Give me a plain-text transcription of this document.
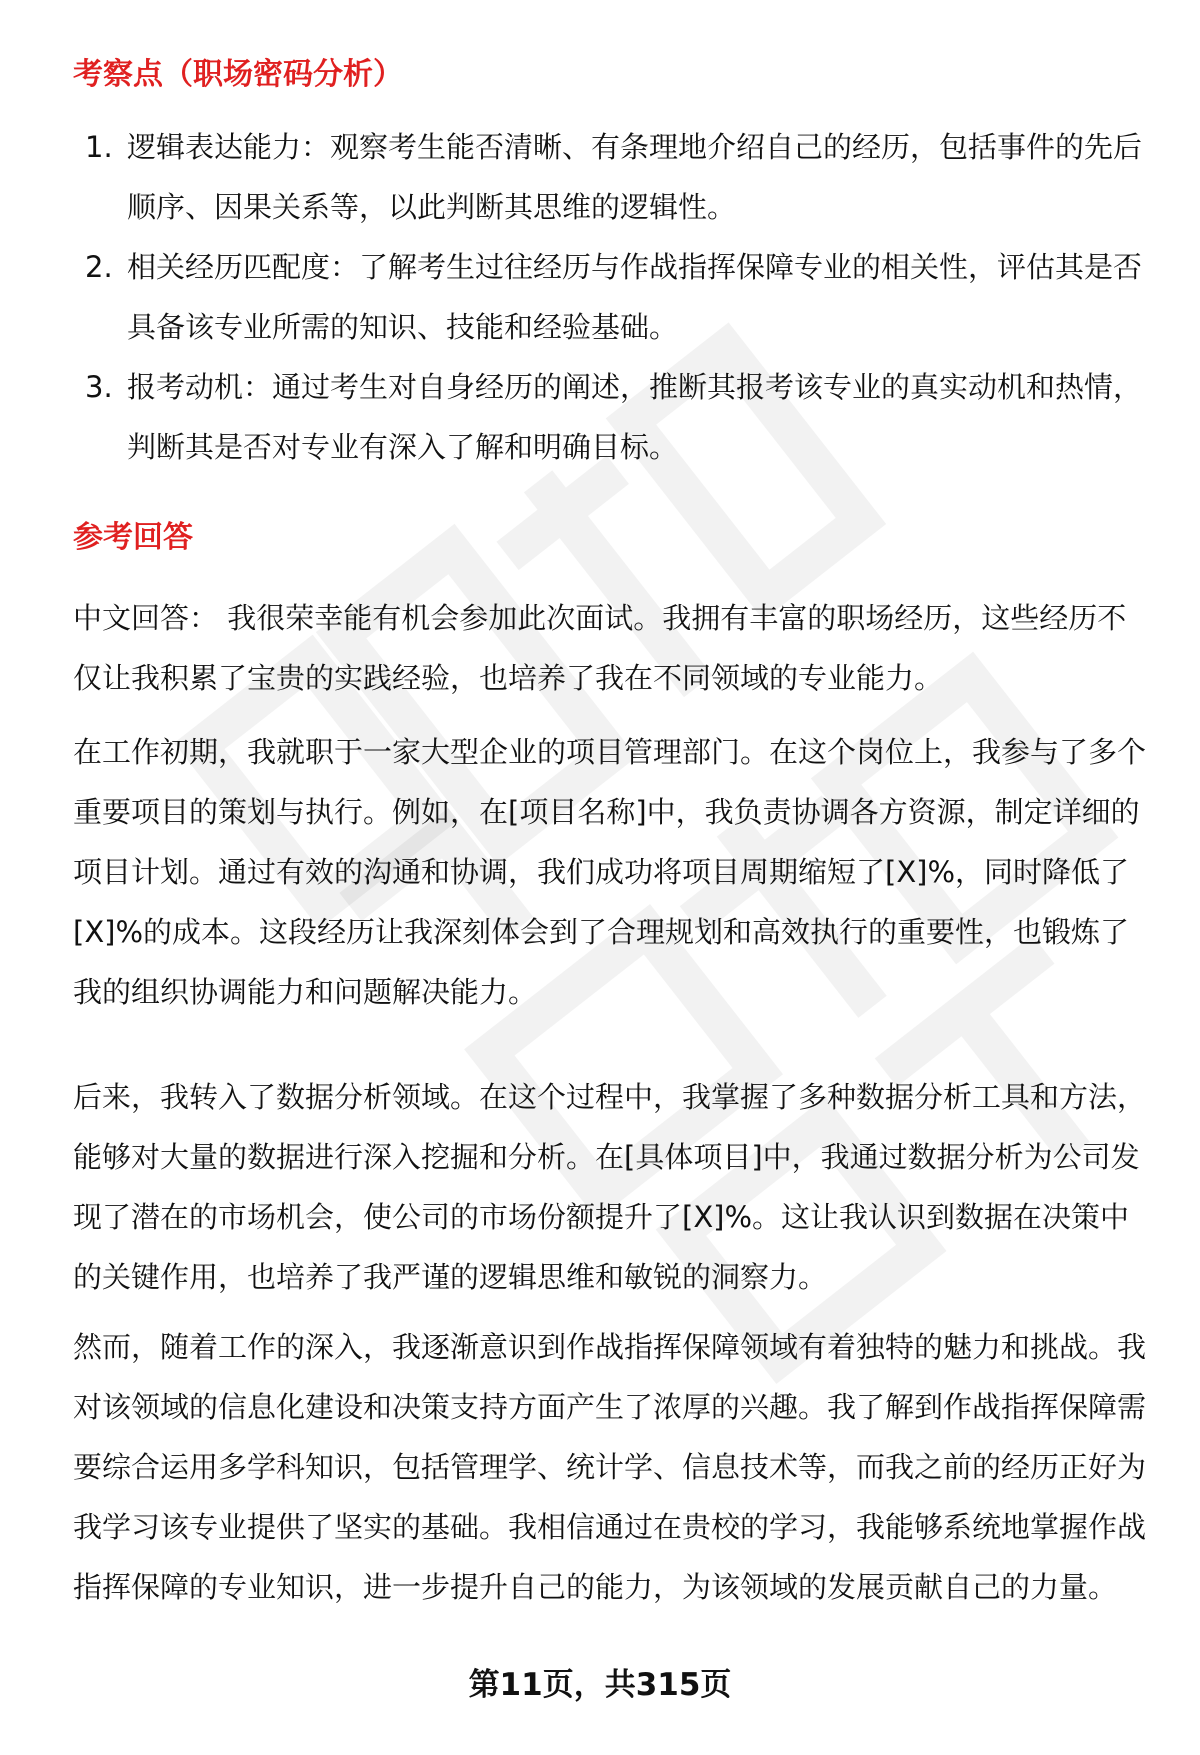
考察点（职场密码分析）
1. 逻辑表达能力：观察考生能否清晰、有条理地介绍自己的经历，包括事件的先后顺序、因果关系等，以此判断其思维的逻辑性。
2. 相关经历匹配度：了解考生过往经历与作战指挥保障专业的相关性，评估其是否具备该专业所需的知识、技能和经验基础。
3. 报考动机：通过考生对自身经历的阐述，推断其报考该专业的真实动机和热情，判断其是否对专业有深入了解和明确目标。
参考回答

中文回答： 我很荣幸能有机会参加此次面试。我拥有丰富的职场经历，这些经历不仅让我积累了宝贵的实践经验，也培养了我在不同领域的专业能力。

在工作初期，我就职于一家大型企业的项目管理部门。在这个岗位上，我参与了多个重要项目的策划与执行。例如，在[项目名称]中，我负责协调各方资源，制定详细的项目计划。通过有效的沟通和协调，我们成功将项目周期缩短了[X]%，同时降低了[X]%的成本。这段经历让我深刻体会到了合理规划和高效执行的重要性，也锻炼了我的组织协调能力和问题解决能力。

后来，我转入了数据分析领域。在这个过程中，我掌握了多种数据分析工具和方法，能够对大量的数据进行深入挖掘和分析。在[具体项目]中，我通过数据分析为公司发现了潜在的市场机会，使公司的市场份额提升了[X]%。这让我认识到数据在决策中的关键作用，也培养了我严谨的逻辑思维和敏锐的洞察力。

然而，随着工作的深入，我逐渐意识到作战指挥保障领域有着独特的魅力和挑战。我对该领域的信息化建设和决策支持方面产生了浓厚的兴趣。我了解到作战指挥保障需要综合运用多学科知识，包括管理学、统计学、信息技术等，而我之前的经历正好为我学习该专业提供了坚实的基础。我相信通过在贵校的学习，我能够系统地掌握作战指挥保障的专业知识，进一步提升自己的能力，为该领域的发展贡献自己的力量。

第11页，共315页
